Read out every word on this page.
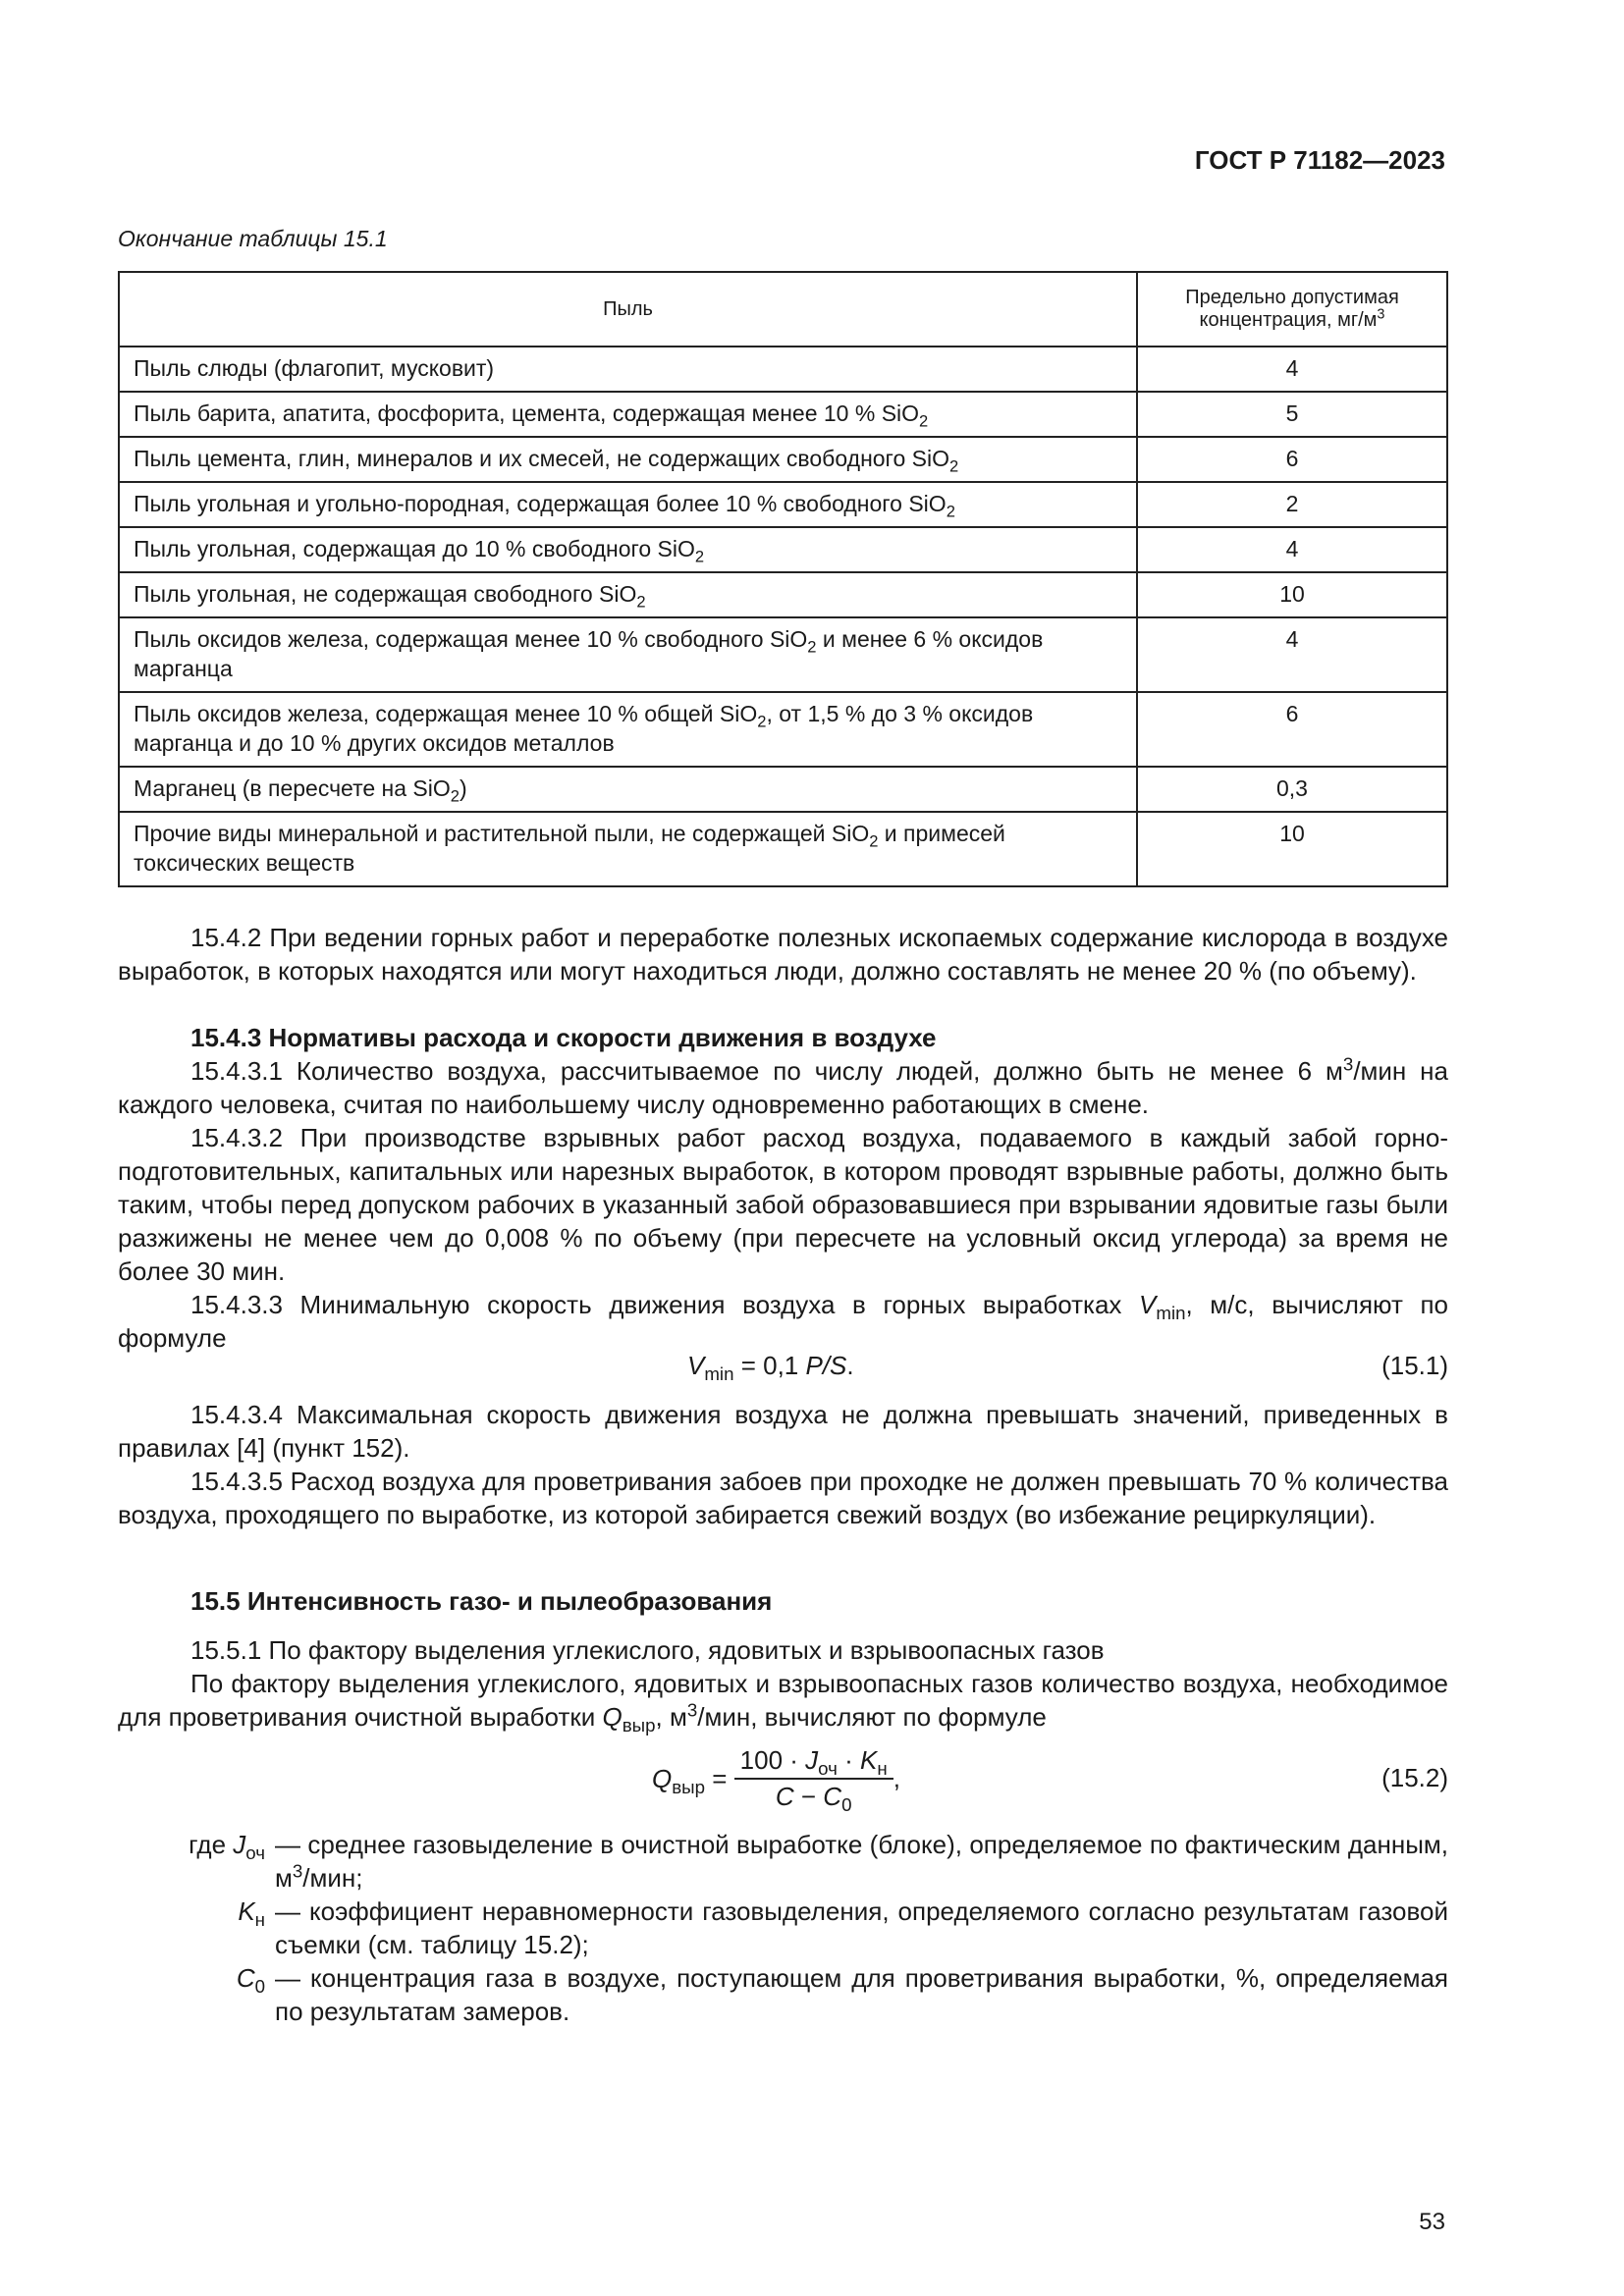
ГОСТ Р 71182—2023
Окончание таблицы 15.1
Пыль	Предельно допустимая концентрация, $мг/м^3$
Пыль слюды (флагопит, мусковит)	4
Пыль барита, апатита, фосфорита, цемента, содержащая менее 10 % SiO$_2$	5
Пыль цемента, глин, минералов и их смесей, не содержащих свободного SiO$_2$	6
Пыль угольная и угольно-породная, содержащая более 10 % свободного SiO$_2$	2
Пыль угольная, содержащая до 10 % свободного SiO$_2$	4
Пыль угольная, не содержащая свободного SiO$_2$	10
Пыль оксидов железа, содержащая менее 10 % свободного SiO$_2$ и менее 6 % оксидов марганца	4
Пыль оксидов железа, содержащая менее 10 % общей SiO$_2$, от 1,5 % до 3 % оксидов марганца и до 10 % других оксидов металлов	6
Марганец (в пересчете на SiO$_2$)	0,3
Прочие виды минеральной и растительной пыли, не содержащей SiO$_2$ и примесей токсических веществ	10
15.4.2 При ведении горных работ и переработке полезных ископаемых содержание кислорода в воздухе выработок, в которых находятся или могут находиться люди, должно составлять не менее 20 % (по объему).
15.4.3 Нормативы расхода и скорости движения в воздухе
15.4.3.1 Количество воздуха, рассчитываемое по числу людей, должно быть не менее 6 $м^3$/мин на каждого человека, считая по наибольшему числу одновременно работающих в смене.
15.4.3.2 При производстве взрывных работ расход воздуха, подаваемого в каждый забой горно-подготовительных, капитальных или нарезных выработок, в котором проводят взрывные работы, должно быть таким, чтобы перед допуском рабочих в указанный забой образовавшиеся при взрывании ядовитые газы были разжижены не менее чем до 0,008 % по объему (при пересчете на условный оксид углерода) за время не более 30 мин.
15.4.3.3 Минимальную скорость движения воздуха в горных выработках $V_{min}$, м/с, вычисляют по формуле
$V_{min} = 0,1$ P/S.	(15.1)
15.4.3.4 Максимальная скорость движения воздуха не должна превышать значений, приведенных в правилах [4] (пункт 152).
15.4.3.5 Расход воздуха для проветривания забоев при проходке не должен превышать 70 % количества воздуха, проходящего по выработке, из которой забирается свежий воздух (во избежание рециркуляции).
15.5 Интенсивность газо- и пылеобразования
15.5.1 По фактору выделения углекислого, ядовитых и взрывоопасных газов
По фактору выделения углекислого, ядовитых и взрывоопасных газов количество воздуха, необходимое для проветривания очистной выработки $Q_{выр}$, $м^3$/мин, вычисляют по формуле
$Q_{выр} = \frac{100 \cdot J_{оч} \cdot K_н}{C - C_0}$ ,	(15.2)
где $J_{оч}$ — среднее газовыделение в очистной выработке (блоке), определяемое по фактическим данным, $м^3$/мин;
$K_н$ — коэффициент неравномерности газовыделения, определяемого согласно результатам газовой съемки (см. таблицу 15.2);
$C_0$ — концентрация газа в воздухе, поступающем для проветривания выработки, %, определяемая по результатам замеров.
53
